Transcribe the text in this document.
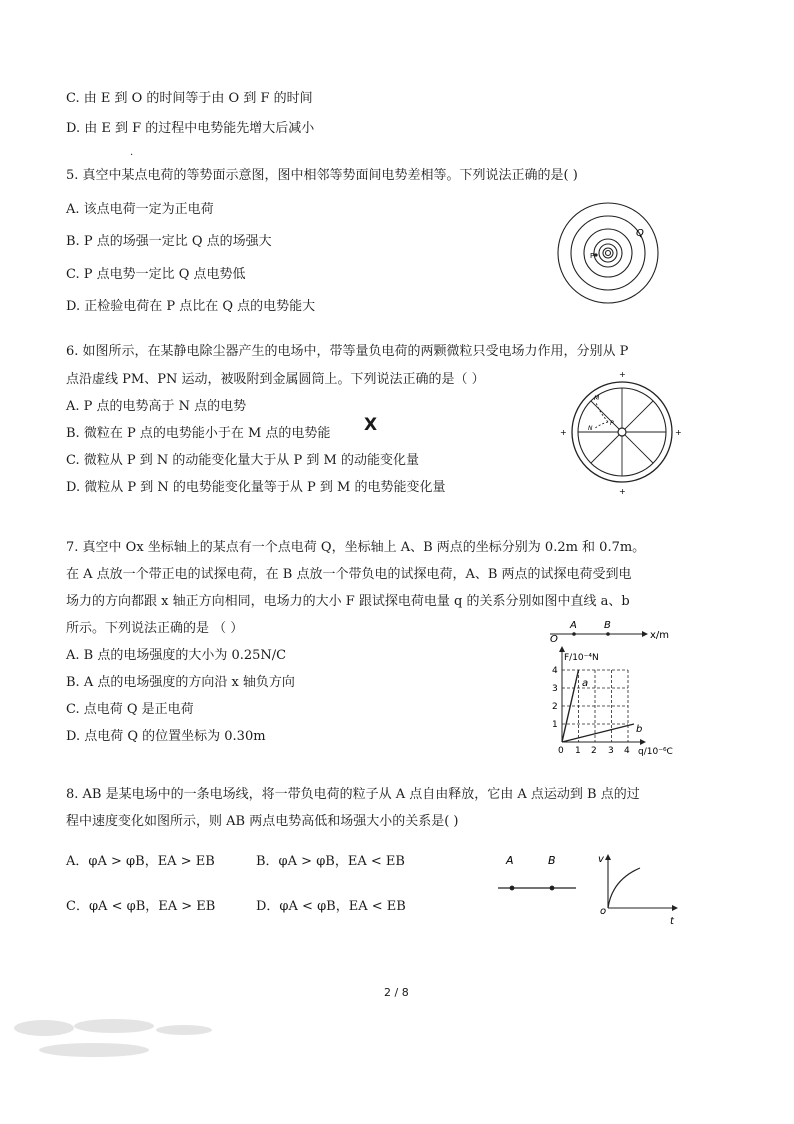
C. 由 E 到 O 的时间等于由 O 到 F 的时间
D. 由 E 到 F 的过程中电势能先增大后减小
·
5. 真空中某点电荷的等势面示意图，图中相邻等势面间电势差相等。下列说法正确的是( )
A. 该点电荷一定为正电荷
B. P 点的场强一定比 Q 点的场强大
C. P 点电势一定比 Q 点电势低
D. 正检验电荷在 P 点比在 Q 点的电势能大
Q
P
6. 如图所示，在某静电除尘器产生的电场中，带等量负电荷的两颗微粒只受电场力作用，分别从 P
点沿虚线 PM、PN 运动，被吸附到金属圆筒上。下列说法正确的是（ ）
A. P 点的电势高于 N 点的电势
B. 微粒在 P 点的电势能小于在 M 点的电势能 X
C. 微粒从 P 到 N 的动能变化量大于从 P 到 M 的动能变化量
D. 微粒从 P 到 N 的电势能变化量等于从 P 到 M 的电势能变化量
+
+	+
+
M
N
P
7. 真空中 Ox 坐标轴上的某点有一个点电荷 Q，坐标轴上 A、B 两点的坐标分别为 0.2m 和 0.7m。
在 A 点放一个带正电的试探电荷，在 B 点放一个带负电的试探电荷，A、B 两点的试探电荷受到电
场力的方向都跟 x 轴正方向相同，电场力的大小 F 跟试探电荷电量 q 的关系分别如图中直线 a、b
所示。下列说法正确的是 （ ）
A. B 点的电场强度的大小为 0.25N/C
B. A 点的电场强度的方向沿 x 轴负方向
C. 点电荷 Q 是正电荷
D. 点电荷 Q 的位置坐标为 0.30m
O
A	B
x/m
F/10⁻⁴N
a
b
4
3
2
1
0 1 2 3 4 q/10⁻⁶C
8. AB 是某电场中的一条电场线，将一带负电荷的粒子从 A 点自由释放，它由 A 点运动到 B 点的过
程中速度变化如图所示，则 AB 两点电势高低和场强大小的关系是( )
A．φA > φB，EA > EB	B．φA > φB，EA < EB
C．φA < φB，EA > EB	D．φA < φB，EA < EB
A	B	v
o
t
2 / 8
